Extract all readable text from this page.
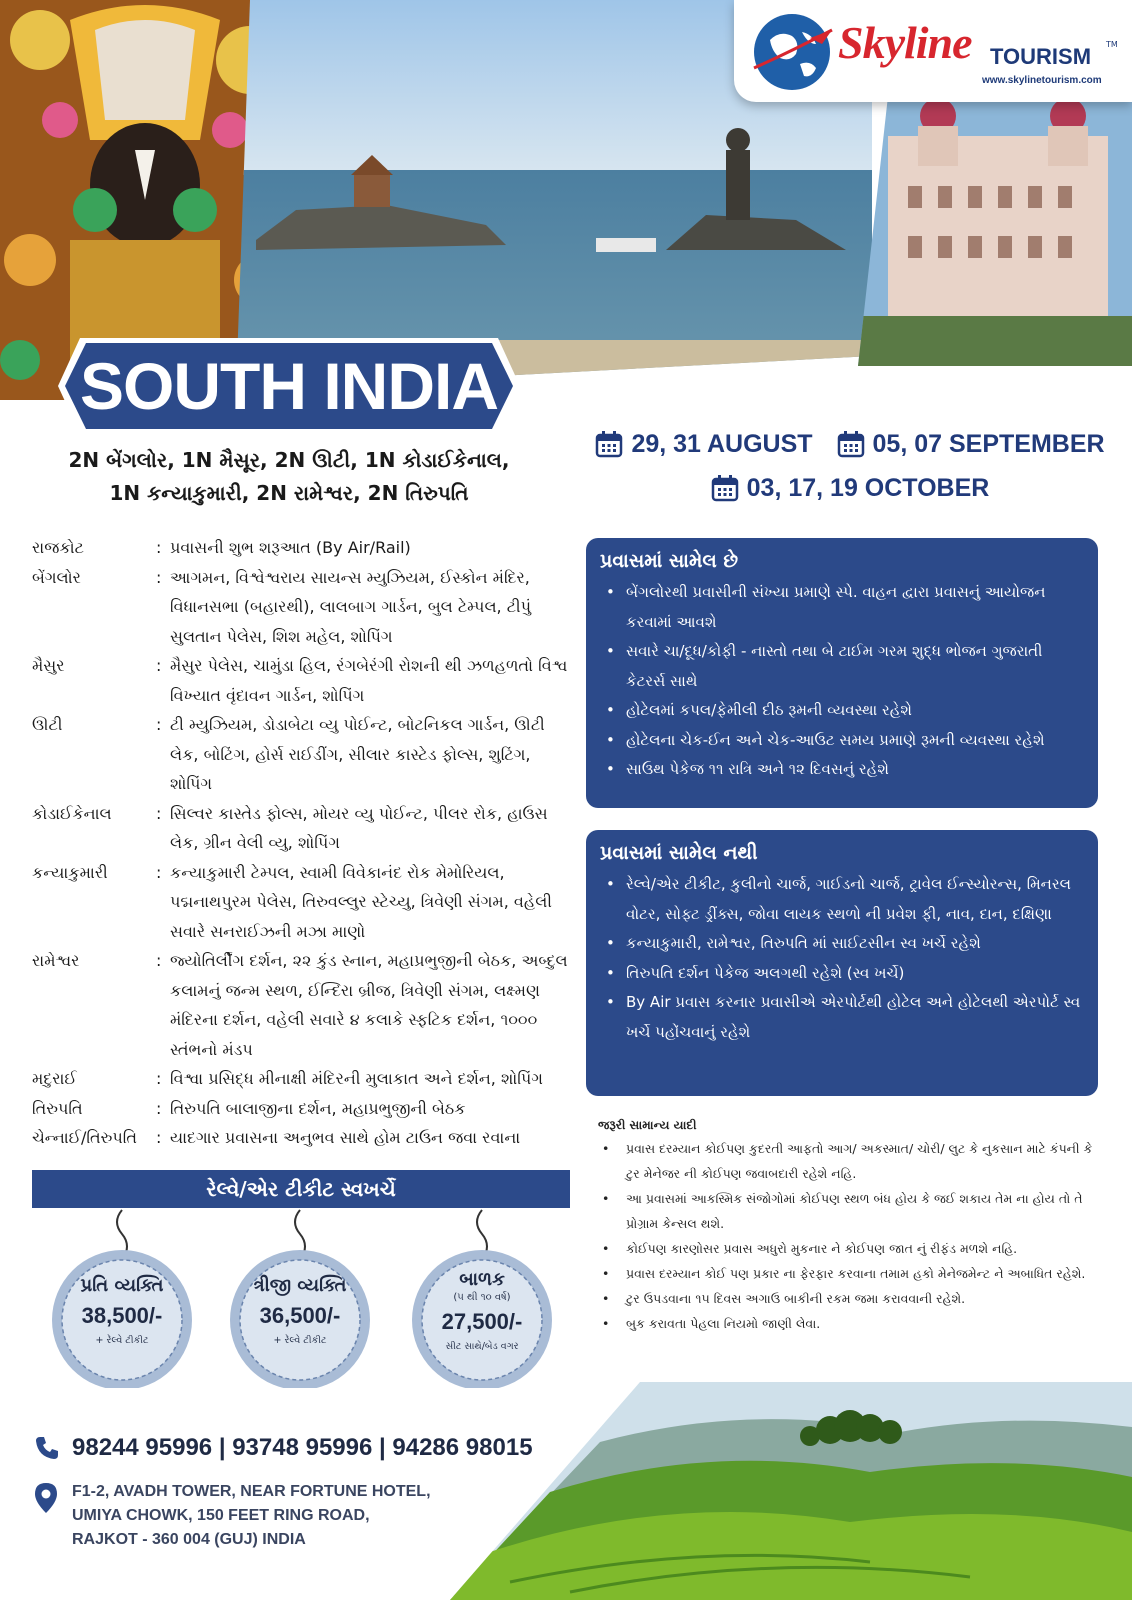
Skyline TOURISM TM
www.skylinetourism.com
SOUTH INDIA
2N બેંગલોર, 1N મૈસૂર, 2N ઊટી, 1N કોડાઈકેનાલ,
1N કન્યાકુમારી, 2N રામેશ્વર, 2N તિરુપતિ
29, 31 AUGUST 05, 07 SEPTEMBER
03, 17, 19 OCTOBER
રાજકોટ	: પ્રવાસની શુભ શરૂઆત (By Air/Rail)
બેંગલોર	: આગમન, વિશ્વેશ્વરાય સાયન્સ મ્યુઝિયમ, ઈસ્કોન મંદિર, વિધાનસભા (બહારથી), લાલબાગ ગાર્ડન, બુલ ટેમ્પલ, ટીપું સુલતાન પેલેસ, શિશ મહેલ, શોપિંગ
મૈસુર	: મૈસુર પેલેસ, ચામુંડા હિલ, રંગબેરંગી રોશની થી ઝળહળતો વિશ્વ વિખ્યાત વૃંદાવન ગાર્ડન, શોપિંગ
ઊટી	: ટી મ્યુઝિયમ, ડોડાબેટા વ્યુ પોઈન્ટ, બોટનિકલ ગાર્ડન, ઊટી લેક, બોટિંગ, હોર્સ રાઈડીંગ, સીલાર કાસ્ટેડ ફોલ્સ, શુટિંગ, શોપિંગ
કોડાઈકેનાલ	: સિલ્વર કાસ્તેડ ફોલ્સ, મોયર વ્યુ પોઈન્ટ, પીલર રોક, હાઉસ લેક, ગ્રીન વેલી વ્યુ, શોપિંગ
કન્યાકુમારી	: કન્યાકુમારી ટેમ્પલ, સ્વામી વિવેકાનંદ રોક મેમોરિયલ, પદ્મનાથપુરમ પેલેસ, તિરુવલ્લુર સ્ટેચ્યુ, ત્રિવેણી સંગમ, વહેલી સવારે સનરાઈઝની મઝા માણો
રામેશ્વર	: જ્યોતિર્લીંગ દર્શન, ૨૨ કુંડ સ્નાન, મહાપ્રભુજીની બેઠક, અબ્દુલ કલામનું જન્મ સ્થળ, ઈન્દિરા બ્રીજ, ત્રિવેણી સંગમ, લક્ષ્મણ મંદિરના દર્શન, વહેલી સવારે ૪ કલાકે સ્ફટિક દર્શન, ૧૦૦૦ સ્તંભનો મંડપ
મદુરાઈ	: વિશ્વા પ્રસિદ્ધ મીનાક્ષી મંદિરની મુલાકાત અને દર્શન, શોપિંગ
તિરુપતિ	: તિરુપતિ બાલાજીના દર્શન, મહાપ્રભુજીની બેઠક
ચેન્નાઈ/તિરુપતિ	: યાદગાર પ્રવાસના અનુભવ સાથે હોમ ટાઉન જવા રવાના
પ્રવાસમાં સામેલ છે
• બેંગલોરથી પ્રવાસીની સંખ્યા પ્રમાણે સ્પે. વાહન દ્વારા પ્રવાસનું આયોજન કરવામાં આવશે
• સવારે ચા/દૂધ/કોફી - નાસ્તો તથા બે ટાઈમ ગરમ શુદ્ધ ભોજન ગુજરાતી કેટરર્સ સાથે
• હોટેલમાં કપલ/ફેમીલી દીઠ રૂમની વ્યવસ્થા રહેશે
• હોટેલના ચેક-ઈન અને ચેક-આઉટ સમય પ્રમાણે રૂમની વ્યવસ્થા રહેશે
• સાઉથ પેકેજ ૧૧ રાત્રિ અને ૧૨ દિવસનું રહેશે
પ્રવાસમાં સામેલ નથી
• રેલ્વે/એર ટીકીટ, કુલીનો ચાર્જ, ગાઈડનો ચાર્જ, ટ્રાવેલ ઈન્સ્યોરન્સ, મિનરલ વોટર, સોફ્ટ ડ્રીંક્સ, જોવા લાયક સ્થળો ની પ્રવેશ ફી, નાવ, દાન, દક્ષિણા
• કન્યાકુમારી, રામેશ્વર, તિરુપતિ માં સાઈટસીન સ્વ ખર્ચે રહેશે
• તિરુપતિ દર્શન પેકેજ અલગથી રહેશે (સ્વ ખર્ચે)
• By Air પ્રવાસ કરનાર પ્રવાસીએ એરપોર્ટથી હોટેલ અને હોટેલથી એરપોર્ટ સ્વ ખર્ચે પહોંચવાનું રહેશે
જરૂરી સામાન્ય યાદી
• પ્રવાસ દરમ્યાન કોઈપણ કુદરતી આફતો આગ/ અકસ્માત/ ચોરી/ લુટ કે નુકસાન માટે કંપની કે ટુર મેનેજર ની કોઈપણ જવાબદારી રહેશે નહિ.
• આ પ્રવાસમાં આકસ્મિક સંજોગોમાં કોઈપણ સ્થળ બંધ હોય કે જઈ શકાય તેમ ના હોય તો તે પ્રોગ્રામ કેન્સલ થશે.
• કોઈપણ કારણોસર પ્રવાસ અધુરો મુકનાર ને કોઈપણ જાત નું રીફંડ મળશે નહિ.
• પ્રવાસ દરમ્યાન કોઈ પણ પ્રકાર ના ફેરફાર કરવાના તમામ હકો મેનેજમેન્ટ ને અબાધિત રહેશે.
• ટુર ઉપડવાના ૧૫ દિવસ અગાઉ બાકીની રકમ જમા કરાવવાની રહેશે.
• બુક કરાવતા પેહલા નિયમો જાણી લેવા.
રેલ્વે/એર ટીકીટ સ્વખર્ચે
પ્રતિ વ્યક્તિ
38,500/-
+ રેલ્વે ટીકીટ
ત્રીજી વ્યક્તિ
36,500/-
+ રેલ્વે ટીકીટ
બાળક
(૫ થી ૧૦ વર્ષ)
27,500/-
સીટ સાથે/બેડ વગર
98244 95996 | 93748 95996 | 94286 98015
F1-2, AVADH TOWER, NEAR FORTUNE HOTEL,
UMIYA CHOWK, 150 FEET RING ROAD,
RAJKOT - 360 004 (GUJ) INDIA
